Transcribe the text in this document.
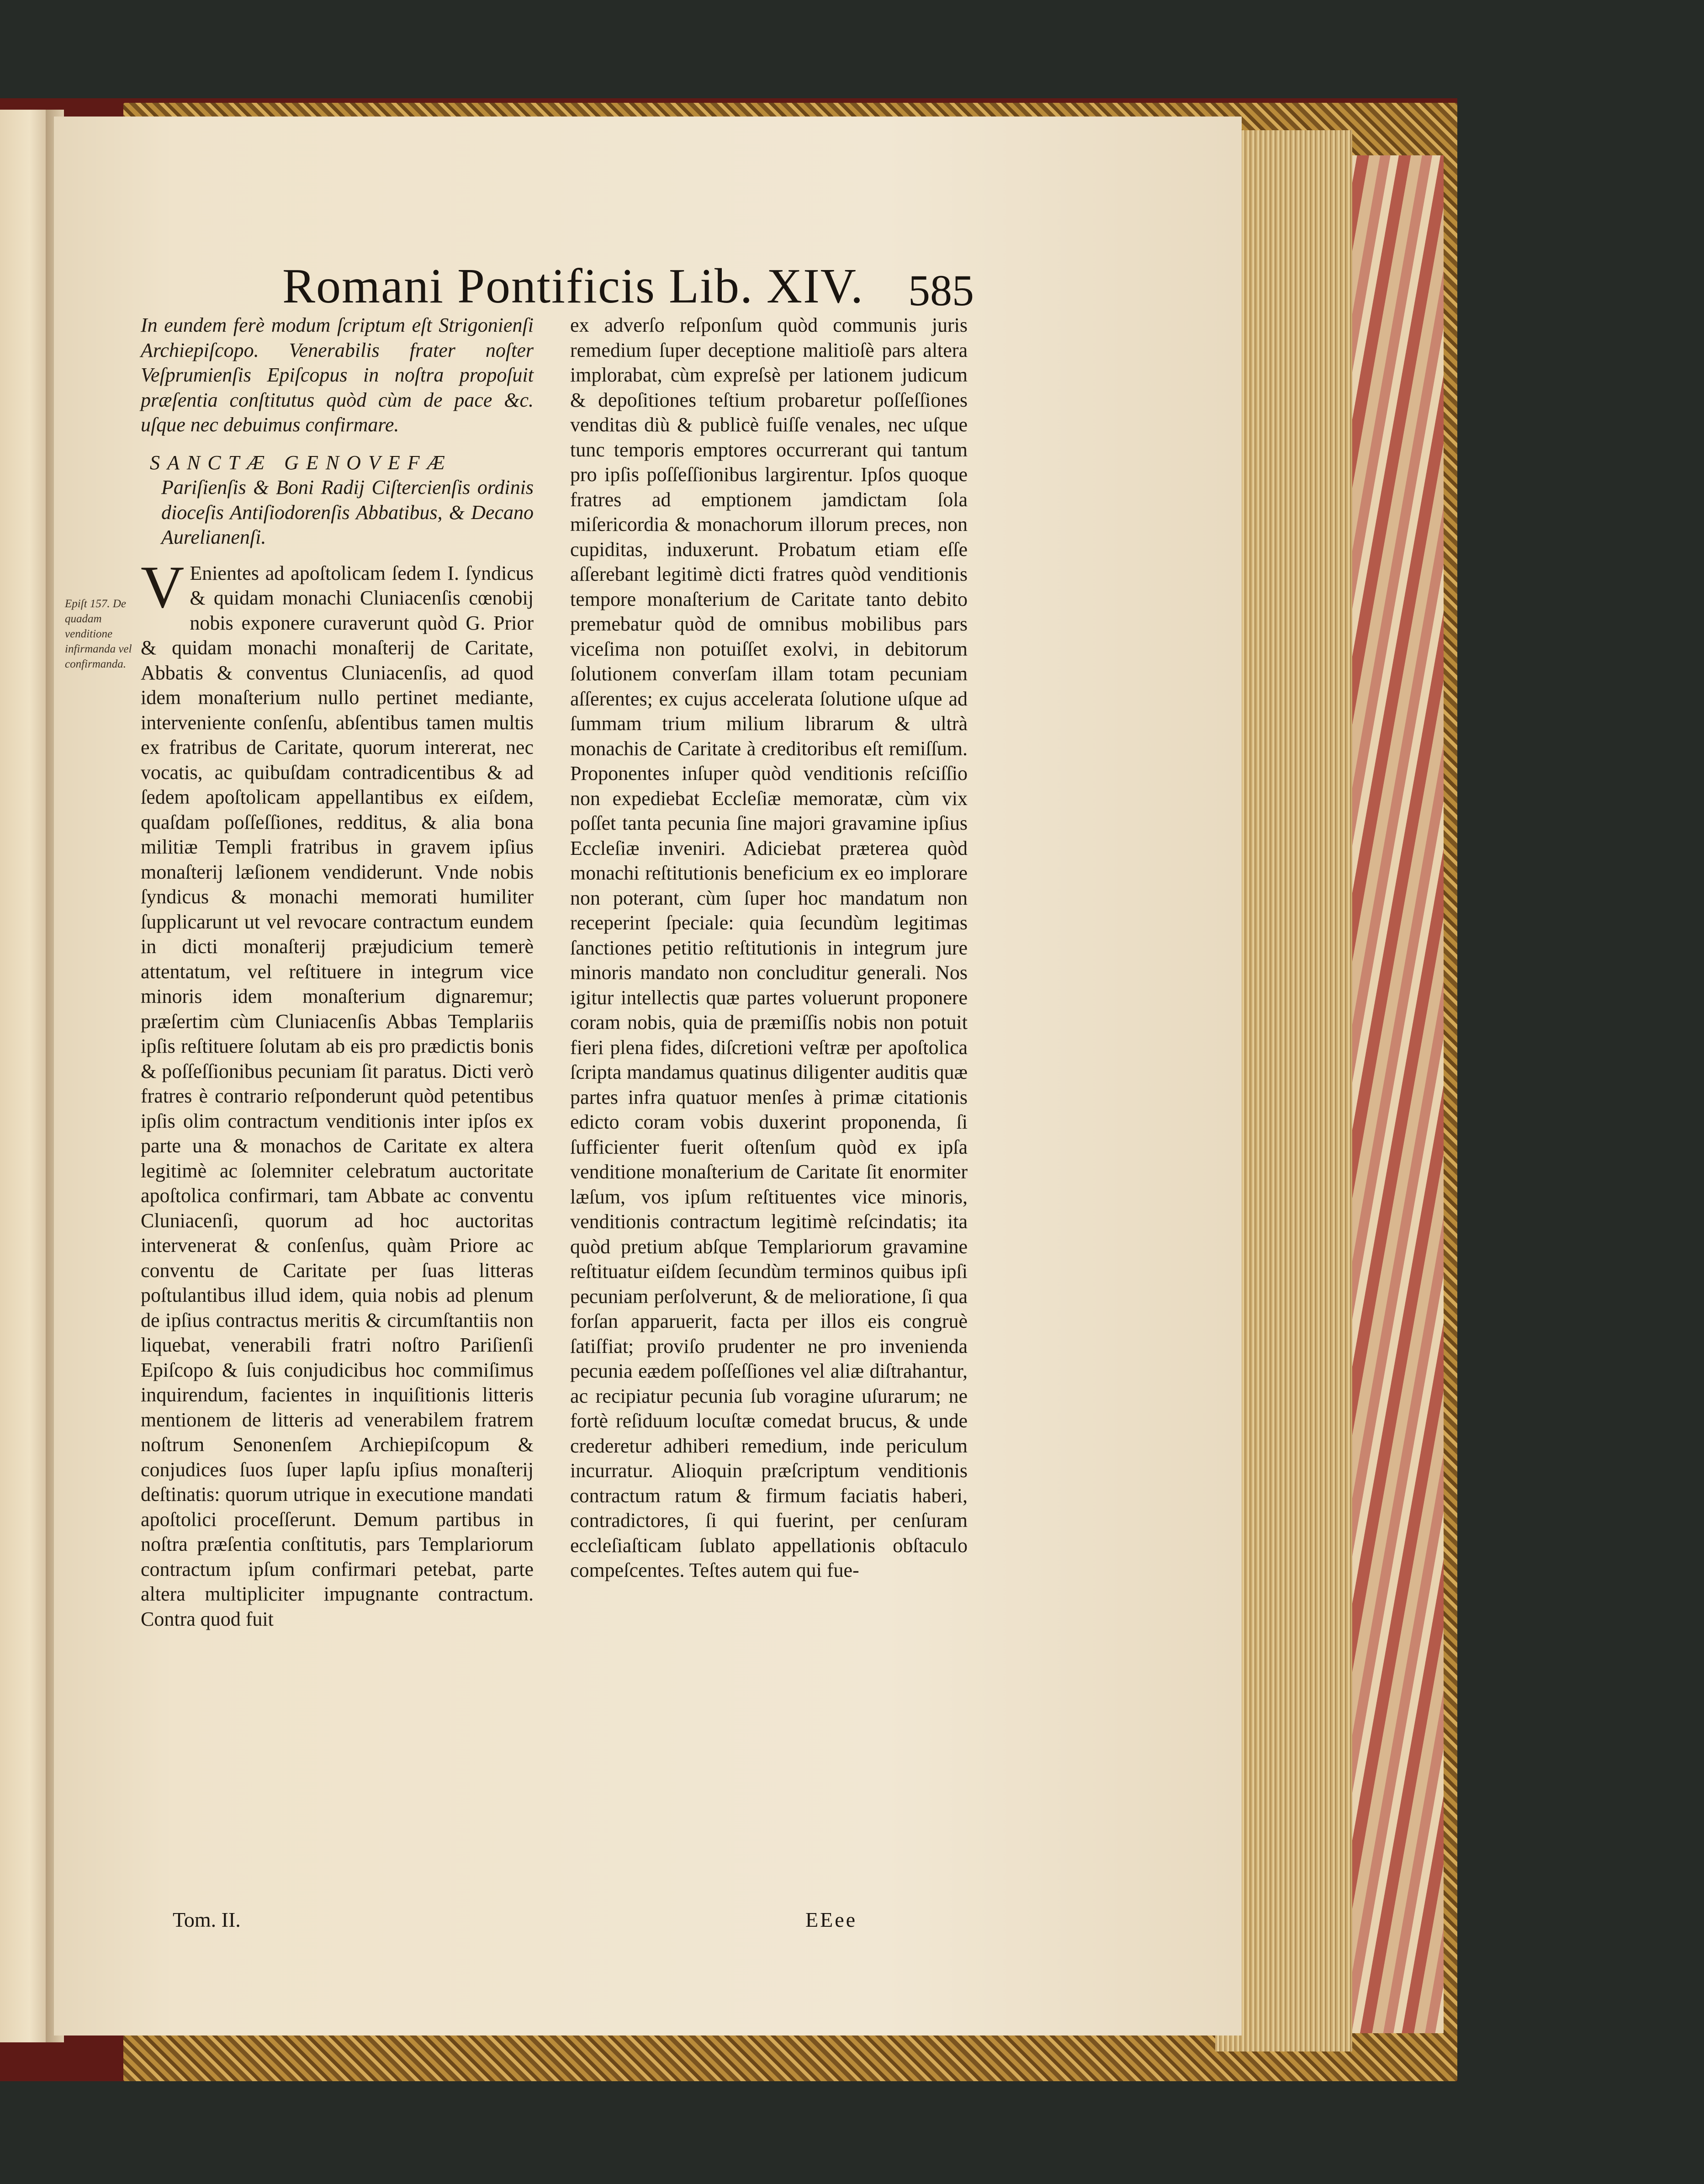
Romani Pontificis Lib. XIV.	585
Epiſt 157. De quadam venditione infirmanda vel confirmanda.

In eundem ferè modum ſcriptum eſt Strigonienſi Archiepiſcopo. Venerabilis frater noſter Veſprumienſis Epiſcopus in noſtra propoſuit præſentia conſtitutus quòd cùm de pace &c. uſque nec debuimus confirmare.

SANCTÆ GENOVEFÆ
Pariſienſis & Boni Radij Ciſtercienſis ordinis dioceſis Antiſiodorenſis Abbatibus, & Decano Aurelianenſi.

V Enientes ad apoſtolicam ſedem I. ſyndicus & quidam monachi Cluniacenſis cœnobij nobis exponere curaverunt quòd G. Prior & quidam monachi monaſterij de Caritate, Abbatis & conventus Cluniacenſis, ad quod idem monaſterium nullo pertinet mediante, interveniente conſenſu, abſentibus tamen multis ex fratribus de Caritate, quorum intererat, nec vocatis, ac quibuſdam contradicentibus & ad ſedem apoſtolicam appellantibus ex eiſdem, quaſdam poſſeſſiones, redditus, & alia bona militiæ Templi fratribus in gravem ipſius monaſterij læſionem vendiderunt. Vnde nobis ſyndicus & monachi memorati humiliter ſupplicarunt ut vel revocare contractum eundem in dicti monaſterij præjudicium temerè attentatum, vel reſtituere in integrum vice minoris idem monaſterium dignaremur; præſertim cùm Cluniacenſis Abbas Templariis ipſis reſtituere ſolutam ab eis pro prædictis bonis & poſſeſſionibus pecuniam ſit paratus. Dicti verò fratres è contrario reſponderunt quòd petentibus ipſis olim contractum venditionis inter ipſos ex parte una & monachos de Caritate ex altera legitimè ac ſolemniter celebratum auctoritate apoſtolica confirmari, tam Abbate ac conventu Cluniacenſi, quorum ad hoc auctoritas intervenerat & conſenſus, quàm Priore ac conventu de Caritate per ſuas litteras poſtulantibus illud idem, quia nobis ad plenum de ipſius contractus meritis & circumſtantiis non liquebat, venerabili fratri noſtro Pariſienſi Epiſcopo & ſuis conjudicibus hoc commiſimus inquirendum, facientes in inquiſitionis litteris mentionem de litteris ad venerabilem fratrem noſtrum Senonenſem Archiepiſcopum & conjudices ſuos ſuper lapſu ipſius monaſterij deſtinatis: quorum utrique in executione mandati apoſtolici proceſſerunt. Demum partibus in noſtra præſentia conſtitutis, pars Templariorum contractum ipſum confirmari petebat, parte altera multipliciter impugnante contractum. Contra quod fuit

ex adverſo reſponſum quòd communis juris remedium ſuper deceptione malitioſè pars altera implorabat, cùm expreſsè per lationem judicum & depoſitiones teſtium probaretur poſſeſſiones venditas diù & publicè fuiſſe venales, nec uſque tunc temporis emptores occurrerant qui tantum pro ipſis poſſeſſionibus largirentur. Ipſos quoque fratres ad emptionem jamdictam ſola miſericordia & monachorum illorum preces, non cupiditas, induxerunt. Probatum etiam eſſe aſſerebant legitimè dicti fratres quòd venditionis tempore monaſterium de Caritate tanto debito premebatur quòd de omnibus mobilibus pars viceſima non potuiſſet exolvi, in debitorum ſolutionem converſam illam totam pecuniam aſſerentes; ex cujus accelerata ſolutione uſque ad ſummam trium milium librarum & ultrà monachis de Caritate à creditoribus eſt remiſſum. Proponentes inſuper quòd venditionis reſciſſio non expediebat Eccleſiæ memoratæ, cùm vix poſſet tanta pecunia ſine majori gravamine ipſius Eccleſiæ inveniri. Adiciebat præterea quòd monachi reſtitutionis beneficium ex eo implorare non poterant, cùm ſuper hoc mandatum non receperint ſpeciale: quia ſecundùm legitimas ſanctiones petitio reſtitutionis in integrum jure minoris mandato non concluditur generali. Nos igitur intellectis quæ partes voluerunt proponere coram nobis, quia de præmiſſis nobis non potuit fieri plena fides, diſcretioni veſtræ per apoſtolica ſcripta mandamus quatinus diligenter auditis quæ partes infra quatuor menſes à primæ citationis edicto coram vobis duxerint proponenda, ſi ſufficienter fuerit oſtenſum quòd ex ipſa venditione monaſterium de Caritate ſit enormiter læſum, vos ipſum reſtituentes vice minoris, venditionis contractum legitimè reſcindatis; ita quòd pretium abſque Templariorum gravamine reſtituatur eiſdem ſecundùm terminos quibus ipſi pecuniam perſolverunt, & de melioratione, ſi qua forſan apparuerit, facta per illos eis congruè ſatiſfiat; proviſo prudenter ne pro invenienda pecunia eædem poſſeſſiones vel aliæ diſtrahantur, ac recipiatur pecunia ſub voragine uſurarum; ne fortè reſiduum locuſtæ comedat brucus, & unde crederetur adhiberi remedium, inde periculum incurratur. Alioquin præſcriptum venditionis contractum ratum & firmum faciatis haberi, contradictores, ſi qui fuerint, per cenſuram eccleſiaſticam ſublato appellationis obſtaculo compeſcentes. Teſtes autem qui fue-

Tom. II.	EEee
